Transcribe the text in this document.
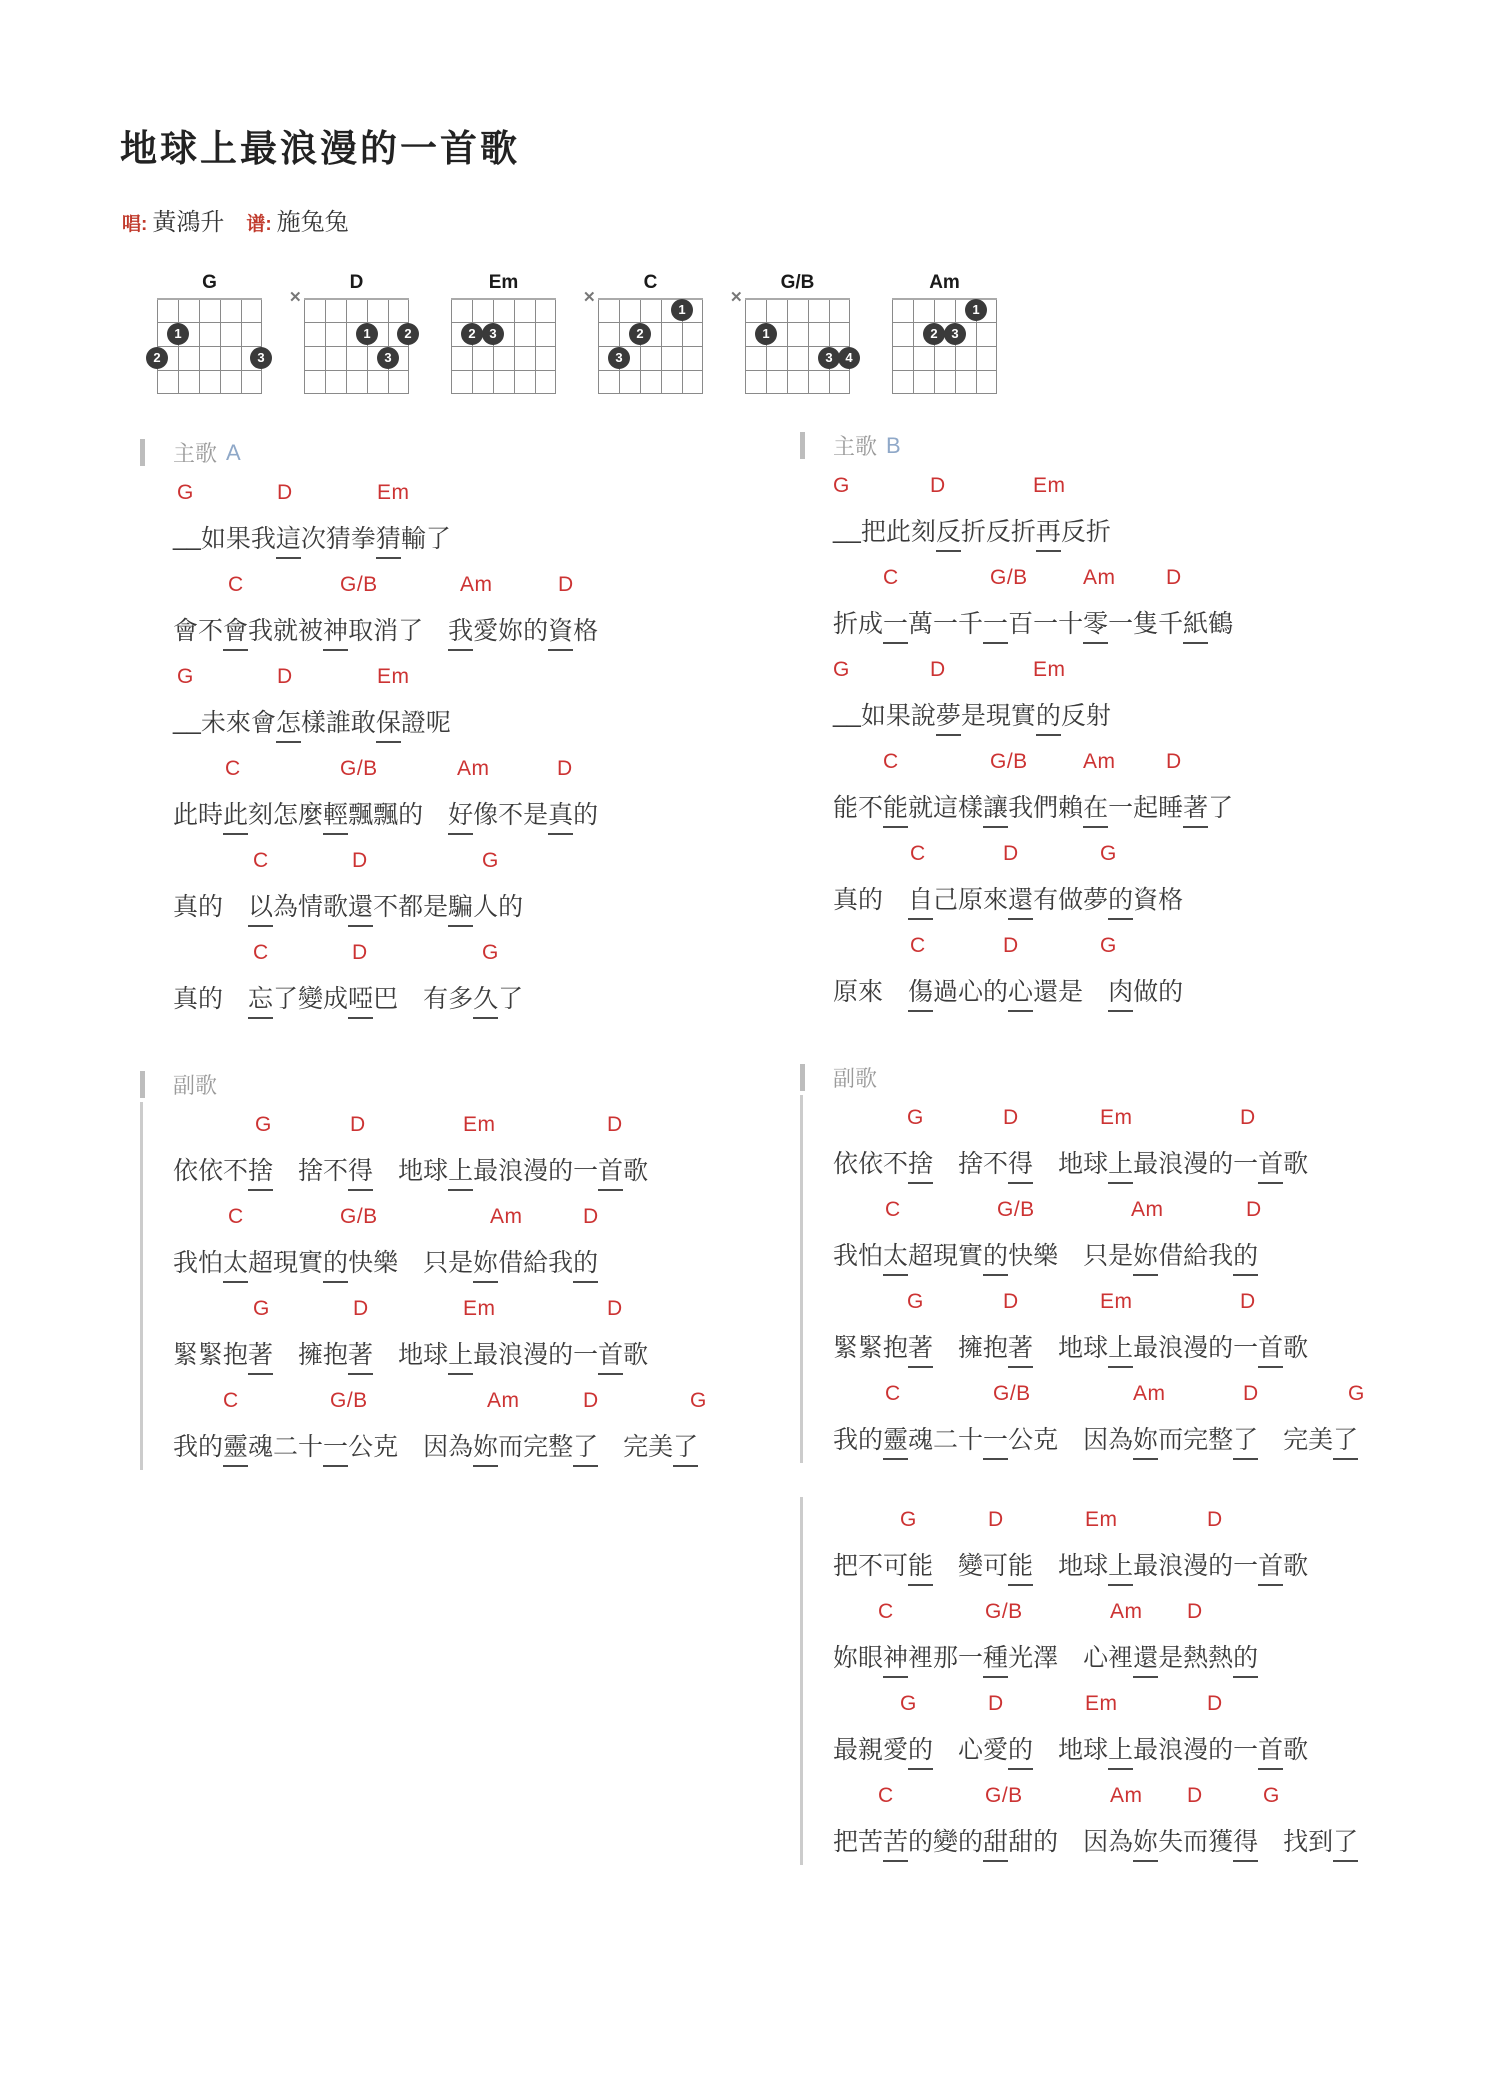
地球上最浪漫的一首歌
唱: 黃鴻升 谱: 施兔兔
G
1
2	3
D
✕
1	2
3
Em
2	3
C
✕
1
2
3
G/B
✕
1
3 4
Am
1
2	3
主歌 A
G	D	Em
__ 如果我 這 次猜拳 猜 輸了
C	G/B	Am	D
會不 會 我就被 神 取消了　 我 愛妳的 資 格
G	D	Em
__ 未來會 怎 樣誰敢 保 證呢
C	G/B	Am	D
此時 此 刻怎麼 輕 飄飄的　 好 像不是 真 的
C	D	G
真的　 以 為情歌 還 不都是 騙 人的
C	D	G
真的　 忘 了變成 啞 巴　有多 久 了
副歌
G	D	Em	D
依依不 捨 　捨不 得 　地球 上 最浪漫的一 首 歌
C	G/B	Am	D
我怕 太 超現實 的 快樂　只是 妳 借給我 的
G	D	Em	D
緊緊抱 著 　擁抱 著 　地球 上 最浪漫的一 首 歌
C	G/B	Am	D	G
我的 靈 魂二十 一 公克　因為 妳 而完整 了 　完美 了
主歌 B
G	D	Em
__ 把此刻 反 折反折 再 反折
C	G/B	Am D
折成 一 萬一千 一 百一十 零 一隻千 紙 鶴
G	D	Em
__ 如果說 夢 是現實 的 反射
C	G/B	Am D
能不 能 就這樣 讓 我們賴 在 一起睡 著 了
C	D	G
真的　 自 己原來 還 有做夢 的 資格
C	D	G
原來　 傷 過心的 心 還是　 肉 做的
副歌
G	D	Em	D
依依不 捨 　捨不 得 　地球 上 最浪漫的一 首 歌
C	G/B	Am	D
我怕 太 超現實 的 快樂　只是 妳 借給我 的
G	D	Em	D
緊緊抱 著 　擁抱 著 　地球 上 最浪漫的一 首 歌
C	G/B	Am	D	G
我的 靈 魂二十 一 公克　因為 妳 而完整 了 　完美 了
G	D	Em	D
把不可 能 　變可 能 　地球 上 最浪漫的一 首 歌
C	G/B	Am D
妳眼 神 裡那一 種 光澤　心裡 還 是熱熱 的
G	D	Em	D
最親愛 的 　心愛 的 　地球 上 最浪漫的一 首 歌
C	G/B	Am D	G
把苦 苦 的變的 甜 甜的　因為 妳 失而獲 得 　找到 了
